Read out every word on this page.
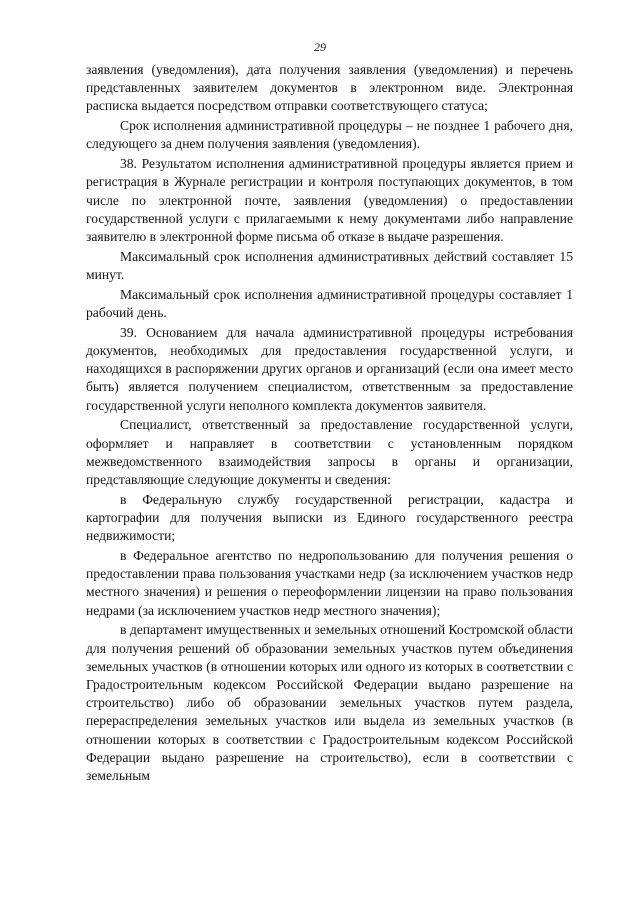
29

заявления (уведомления), дата получения заявления (уведомления) и перечень представленных заявителем документов в электронном виде. Электронная расписка выдается посредством отправки соответствующего статуса;

Срок исполнения административной процедуры – не позднее 1 рабочего дня, следующего за днем получения заявления (уведомления).

38. Результатом исполнения административной процедуры является прием и регистрация в Журнале регистрации и контроля поступающих документов, в том числе по электронной почте, заявления (уведомления) о предоставлении государственной услуги с прилагаемыми к нему документами либо направление заявителю в электронной форме письма об отказе в выдаче разрешения.

Максимальный срок исполнения административных действий составляет 15 минут.

Максимальный срок исполнения административной процедуры составляет 1 рабочий день.

39. Основанием для начала административной процедуры истребования документов, необходимых для предоставления государственной услуги, и находящихся в распоряжении других органов и организаций (если она имеет место быть) является получением специалистом, ответственным за предоставление государственной услуги неполного комплекта документов заявителя.

Специалист, ответственный за предоставление государственной услуги, оформляет и направляет в соответствии с установленным порядком межведомственного взаимодействия запросы в органы и организации, представляющие следующие документы и сведения:

в Федеральную службу государственной регистрации, кадастра и картографии для получения выписки из Единого государственного реестра недвижимости;

в Федеральное агентство по недропользованию для получения решения о предоставлении права пользования участками недр (за исключением участков недр местного значения) и решения о переоформлении лицензии на право пользования недрами (за исключением участков недр местного значения);

в департамент имущественных и земельных отношений Костромской области для получения решений об образовании земельных участков путем объединения земельных участков (в отношении которых или одного из которых в соответствии с Градостроительным кодексом Российской Федерации выдано разрешение на строительство) либо об образовании земельных участков путем раздела, перераспределения земельных участков или выдела из земельных участков (в отношении которых в соответствии с Градостроительным кодексом Российской Федерации выдано разрешение на строительство), если в соответствии с земельным
